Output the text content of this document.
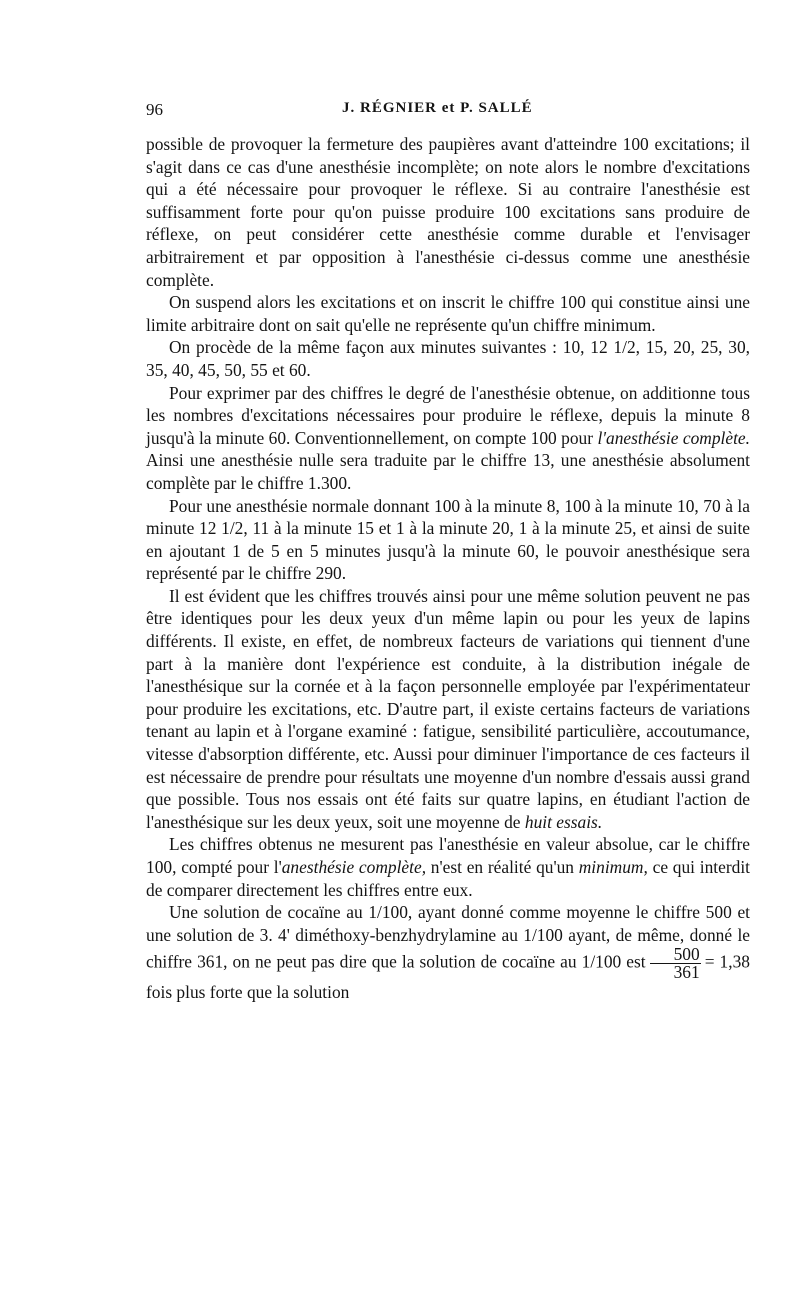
96	J. RÉGNIER et P. SALLÉ

possible de provoquer la fermeture des paupières avant d'atteindre 100 excitations; il s'agit dans ce cas d'une anesthésie incomplète; on note alors le nombre d'excitations qui a été nécessaire pour provoquer le réflexe. Si au contraire l'anesthésie est suffisamment forte pour qu'on puisse produire 100 excitations sans produire de réflexe, on peut considérer cette anesthésie comme durable et l'envisager arbitrairement et par opposition à l'anesthésie ci-dessus comme une anesthésie complète.

On suspend alors les excitations et on inscrit le chiffre 100 qui constitue ainsi une limite arbitraire dont on sait qu'elle ne représente qu'un chiffre minimum.

On procède de la même façon aux minutes suivantes : 10, 12 1/2, 15, 20, 25, 30, 35, 40, 45, 50, 55 et 60.

Pour exprimer par des chiffres le degré de l'anesthésie obtenue, on additionne tous les nombres d'excitations nécessaires pour produire le réflexe, depuis la minute 8 jusqu'à la minute 60. Conventionnellement, on compte 100 pour l'anesthésie complète. Ainsi une anesthésie nulle sera traduite par le chiffre 13, une anesthésie absolument complète par le chiffre 1.300.

Pour une anesthésie normale donnant 100 à la minute 8, 100 à la minute 10, 70 à la minute 12 1/2, 11 à la minute 15 et 1 à la minute 20, 1 à la minute 25, et ainsi de suite en ajoutant 1 de 5 en 5 minutes jusqu'à la minute 60, le pouvoir anesthésique sera représenté par le chiffre 290.

Il est évident que les chiffres trouvés ainsi pour une même solution peuvent ne pas être identiques pour les deux yeux d'un même lapin ou pour les yeux de lapins différents. Il existe, en effet, de nombreux facteurs de variations qui tiennent d'une part à la manière dont l'expérience est conduite, à la distribution inégale de l'anesthésique sur la cornée et à la façon personnelle employée par l'expérimentateur pour produire les excitations, etc. D'autre part, il existe certains facteurs de variations tenant au lapin et à l'organe examiné : fatigue, sensibilité particulière, accoutumance, vitesse d'absorption différente, etc. Aussi pour diminuer l'importance de ces facteurs il est nécessaire de prendre pour résultats une moyenne d'un nombre d'essais aussi grand que possible. Tous nos essais ont été faits sur quatre lapins, en étudiant l'action de l'anesthésique sur les deux yeux, soit une moyenne de huit essais.

Les chiffres obtenus ne mesurent pas l'anesthésie en valeur absolue, car le chiffre 100, compté pour l'anesthésie complète, n'est en réalité qu'un minimum, ce qui interdit de comparer directement les chiffres entre eux.

Une solution de cocaïne au 1/100, ayant donné comme moyenne le chiffre 500 et une solution de 3. 4' diméthoxy-benzhydrylamine au 1/100 ayant, de même, donné le chiffre 361, on ne peut pas dire que la solution de cocaïne au 1/100 est $\frac{500}{361} = 1,38$ fois plus forte que la solution
